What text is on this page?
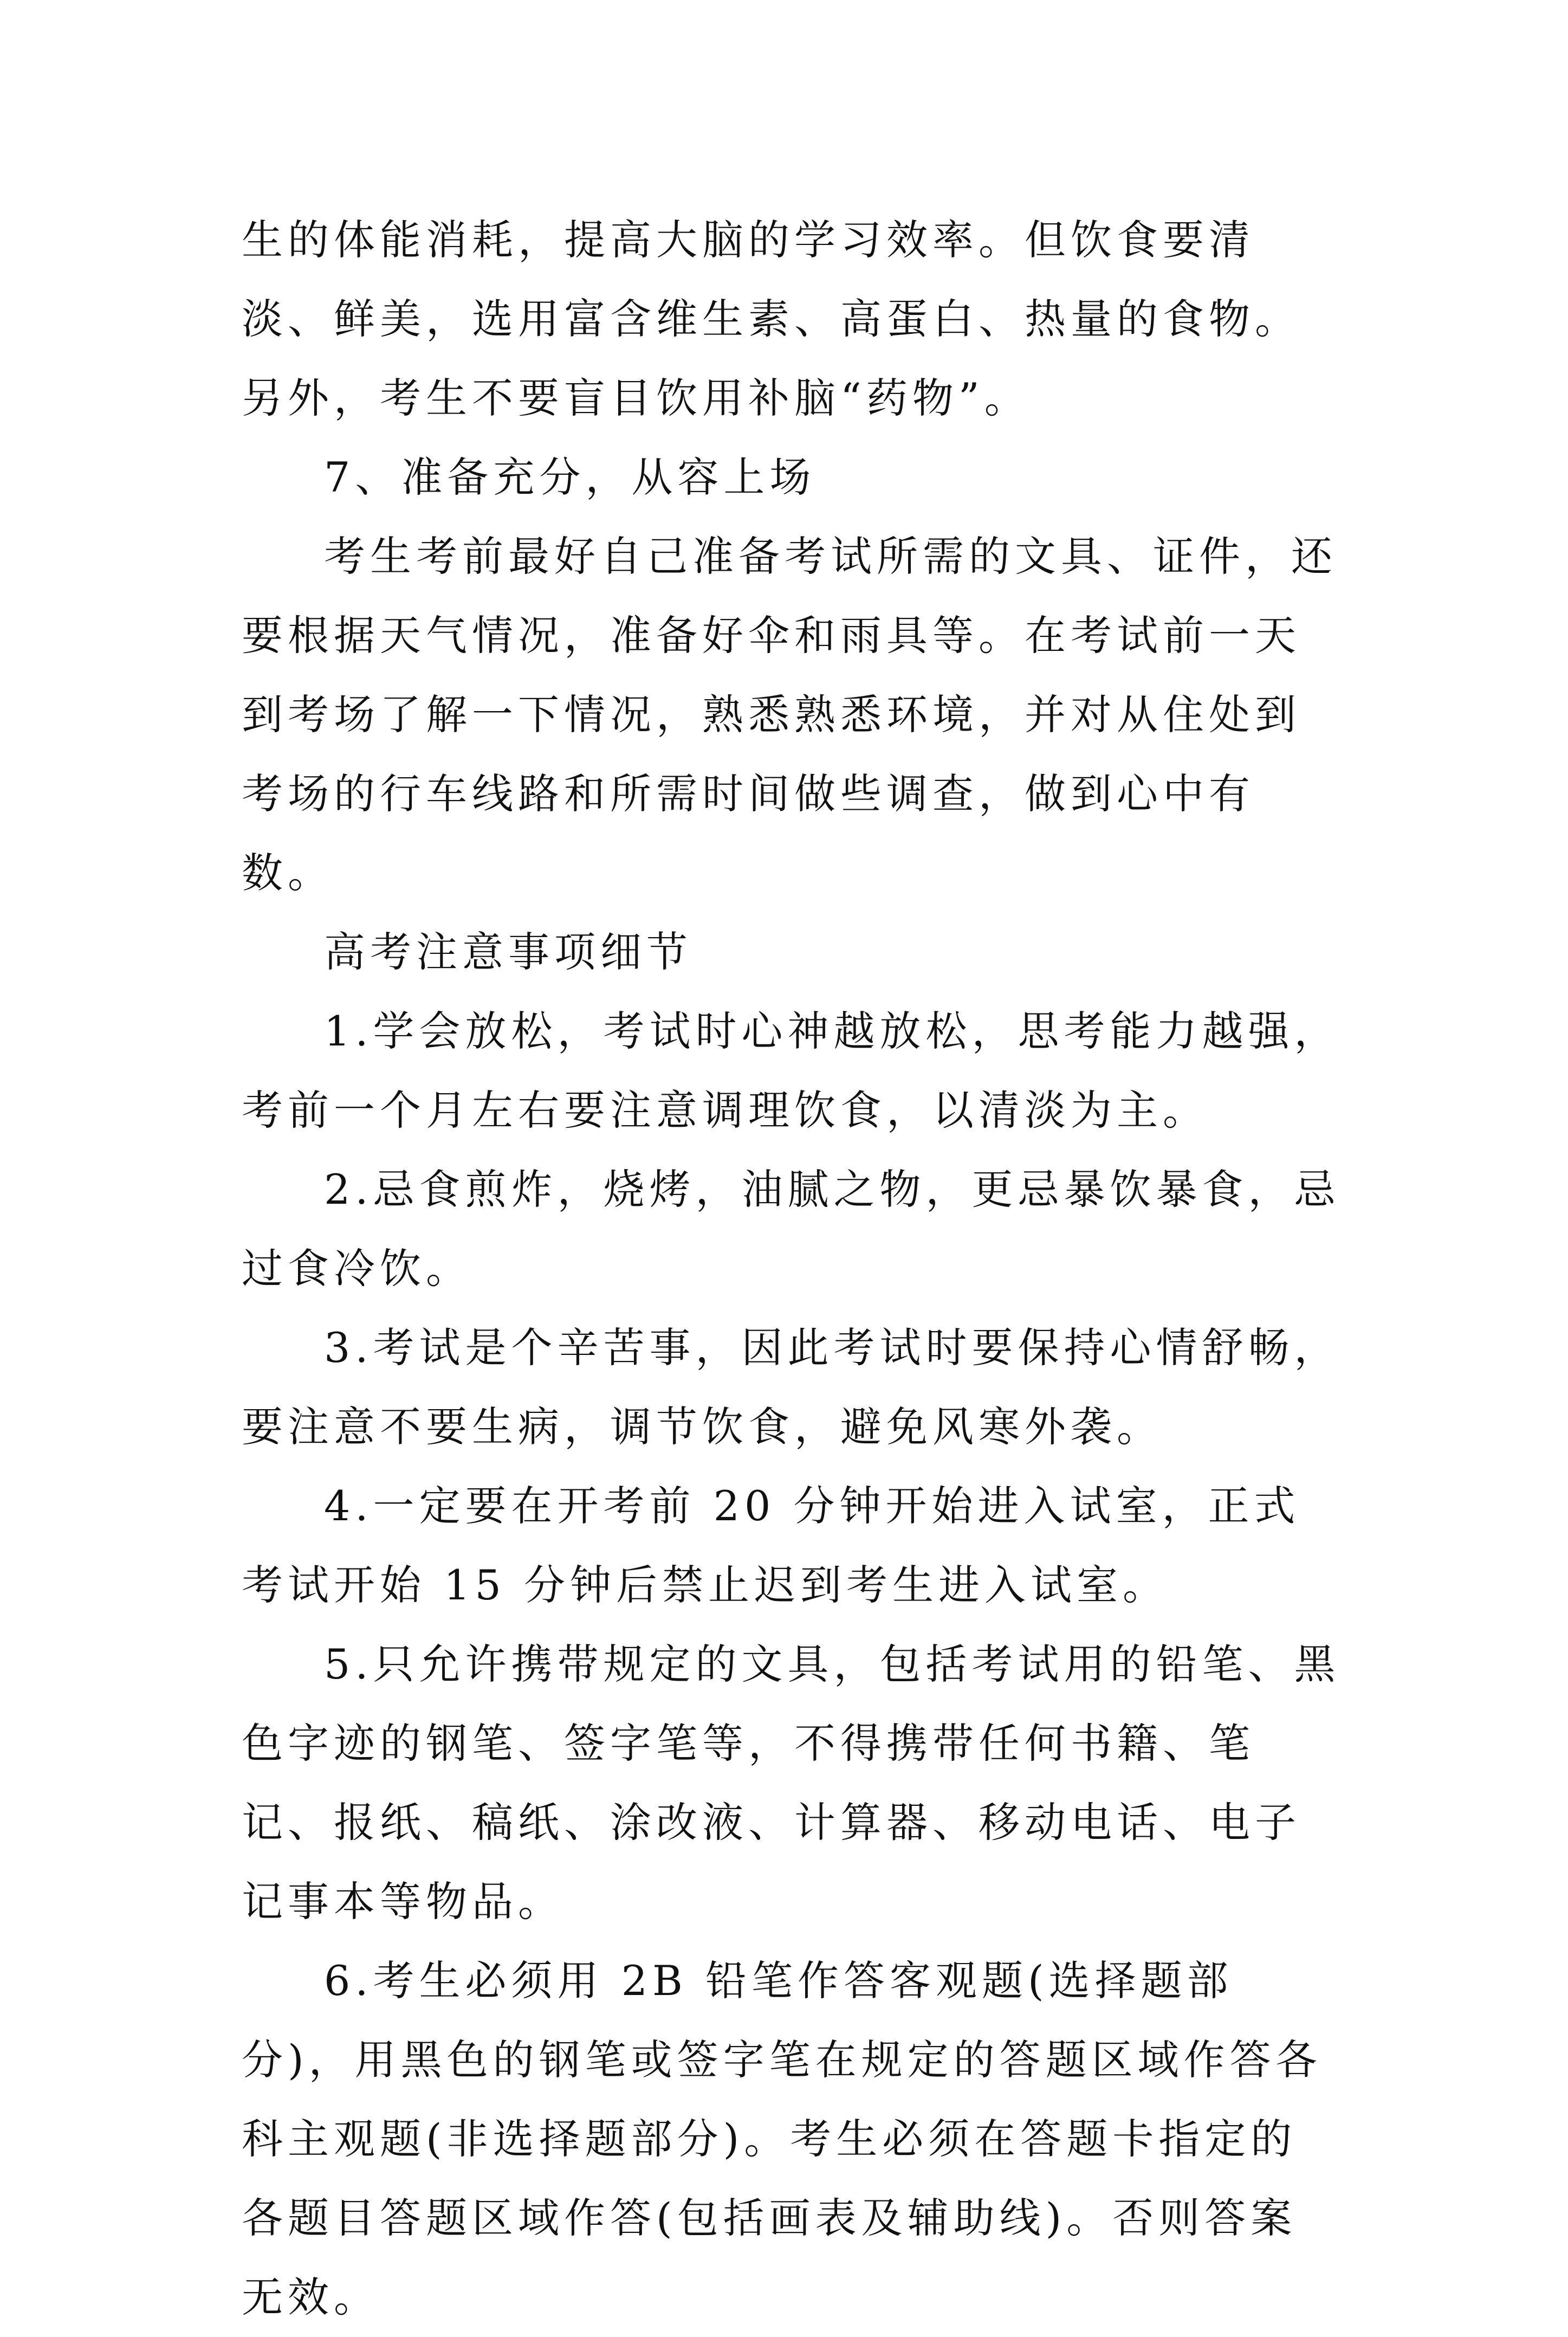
生的体能消耗，提高大脑的学习效率。但饮食要清淡、鲜美，选用富含维生素、高蛋白、热量的食物。另外，考生不要盲目饮用补脑“药物”。

7、准备充分，从容上场

考生考前最好自己准备考试所需的文具、证件，还要根据天气情况，准备好伞和雨具等。在考试前一天到考场了解一下情况，熟悉熟悉环境，并对从住处到考场的行车线路和所需时间做些调查，做到心中有数。

高考注意事项细节

1.学会放松，考试时心神越放松，思考能力越强，考前一个月左右要注意调理饮食，以清淡为主。

2.忌食煎炸，烧烤，油腻之物，更忌暴饮暴食，忌过食冷饮。

3.考试是个辛苦事，因此考试时要保持心情舒畅，要注意不要生病，调节饮食，避免风寒外袭。

4.一定要在开考前 20 分钟开始进入试室，正式考试开始 15 分钟后禁止迟到考生进入试室。

5.只允许携带规定的文具，包括考试用的铅笔、黑色字迹的钢笔、签字笔等，不得携带任何书籍、笔记、报纸、稿纸、涂改液、计算器、移动电话、电子记事本等物品。

6.考生必须用 2B 铅笔作答客观题(选择题部分)，用黑色的钢笔或签字笔在规定的答题区域作答各科主观题(非选择题部分)。考生必须在答题卡指定的各题目答题区域作答(包括画表及辅助线)。否则答案无效。
